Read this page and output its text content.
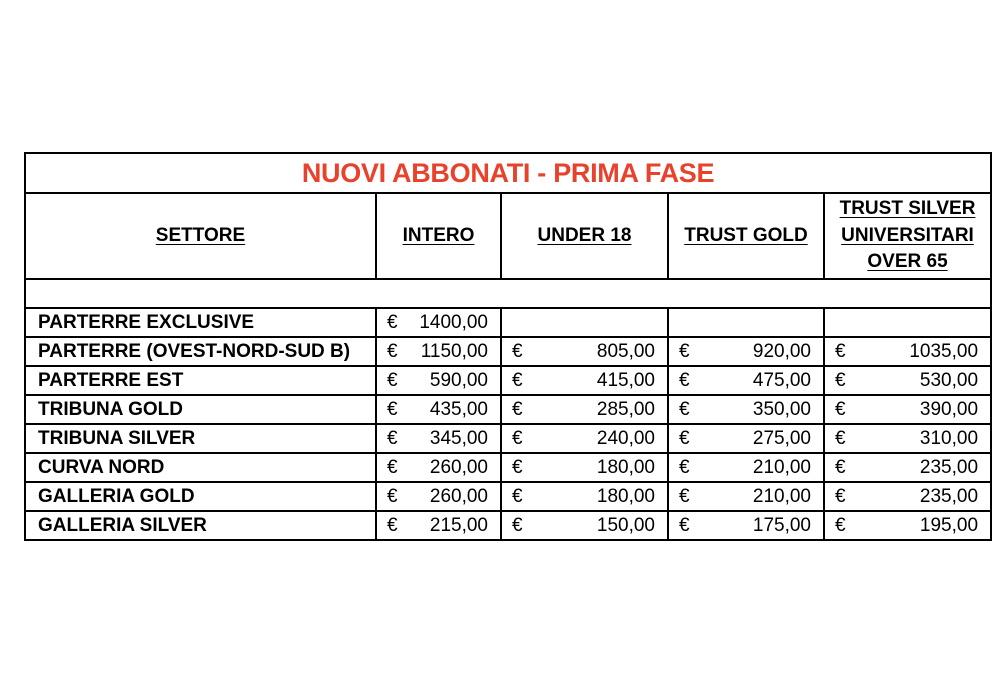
NUOVI ABBONATI - PRIMA FASE				
SETTORE	INTERO	UNDER 18	TRUST GOLD	TRUST SILVER
UNIVERSITARI
OVER 65

PARTERRE EXCLUSIVE	€ 1400,00			

PARTERRE (OVEST-NORD-SUD B)	€ 1150,00	€ 805,00	€ 920,00	€ 1035,00

PARTERRE EST	€ 590,00	€ 415,00	€ 475,00	€ 530,00

TRIBUNA GOLD	€ 435,00	€ 285,00	€ 350,00	€ 390,00

TRIBUNA SILVER	€ 345,00	€ 240,00	€ 275,00	€ 310,00

CURVA NORD	€ 260,00	€ 180,00	€ 210,00	€ 235,00

GALLERIA GOLD	€ 260,00	€ 180,00	€ 210,00	€ 235,00

GALLERIA SILVER	€ 215,00	€ 150,00	€ 175,00	€ 195,00
